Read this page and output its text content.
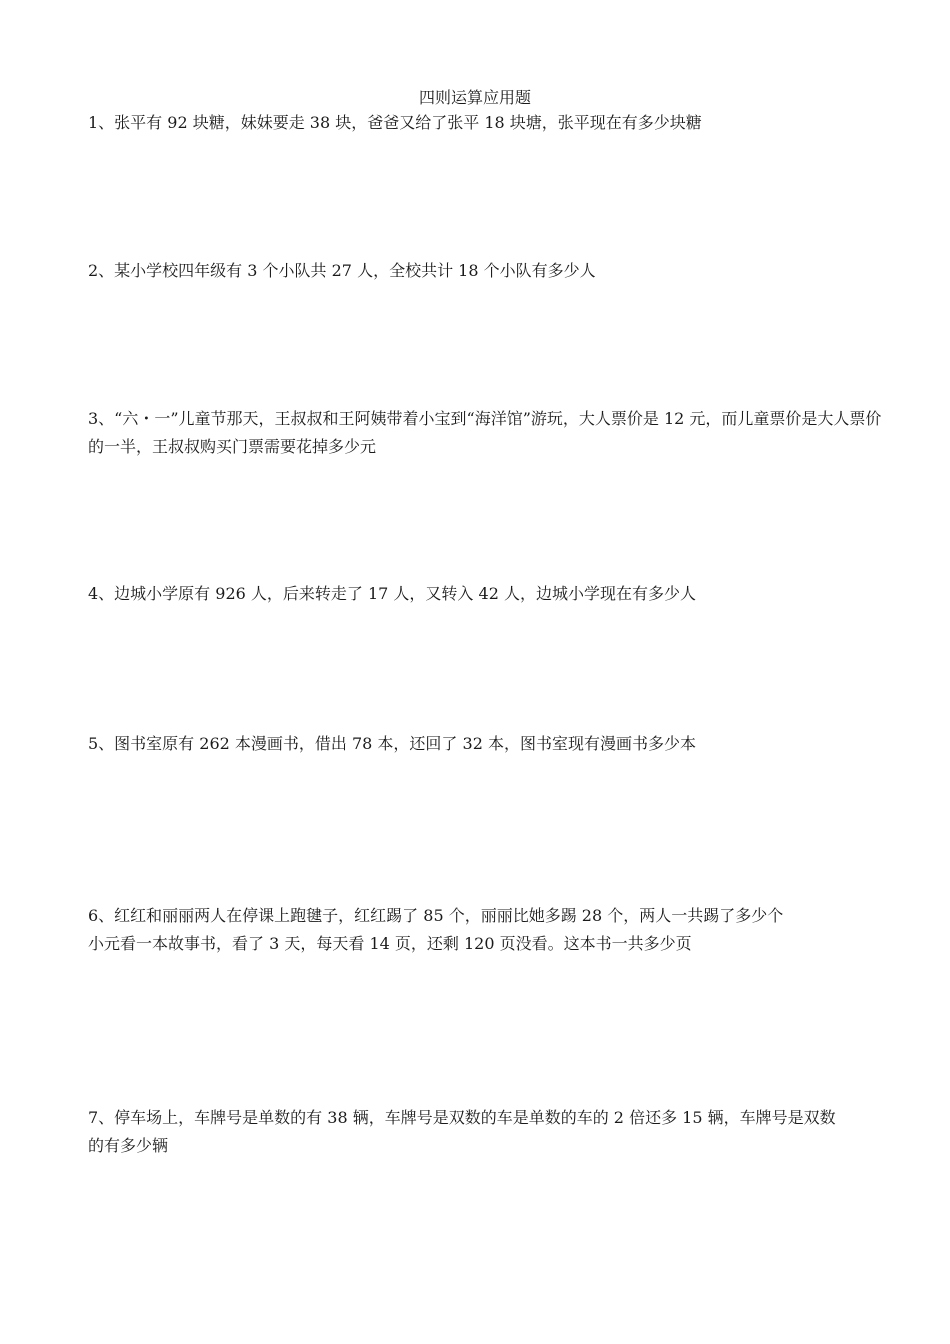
四则运算应用题
1、张平有 92 块糖，妹妹要走 38 块，爸爸又给了张平 18 块塘，张平现在有多少块糖
2、某小学校四年级有 3 个小队共 27 人，全校共计 18 个小队有多少人
3、“六・一”儿童节那天，王叔叔和王阿姨带着小宝到“海洋馆”游玩，大人票价是 12 元，而儿童票价是大人票价
的一半，王叔叔购买门票需要花掉多少元
4、边城小学原有 926 人，后来转走了 17 人，又转入 42 人，边城小学现在有多少人
5、图书室原有 262 本漫画书，借出 78 本，还回了 32 本，图书室现有漫画书多少本
6、红红和丽丽两人在停课上跑毽子，红红踢了 85 个，丽丽比她多踢 28 个，两人一共踢了多少个
小元看一本故事书，看了 3 天，每天看 14 页，还剩 120 页没看。这本书一共多少页
7、停车场上，车牌号是单数的有 38 辆，车牌号是双数的车是单数的车的 2 倍还多 15 辆，车牌号是双数
的有多少辆
